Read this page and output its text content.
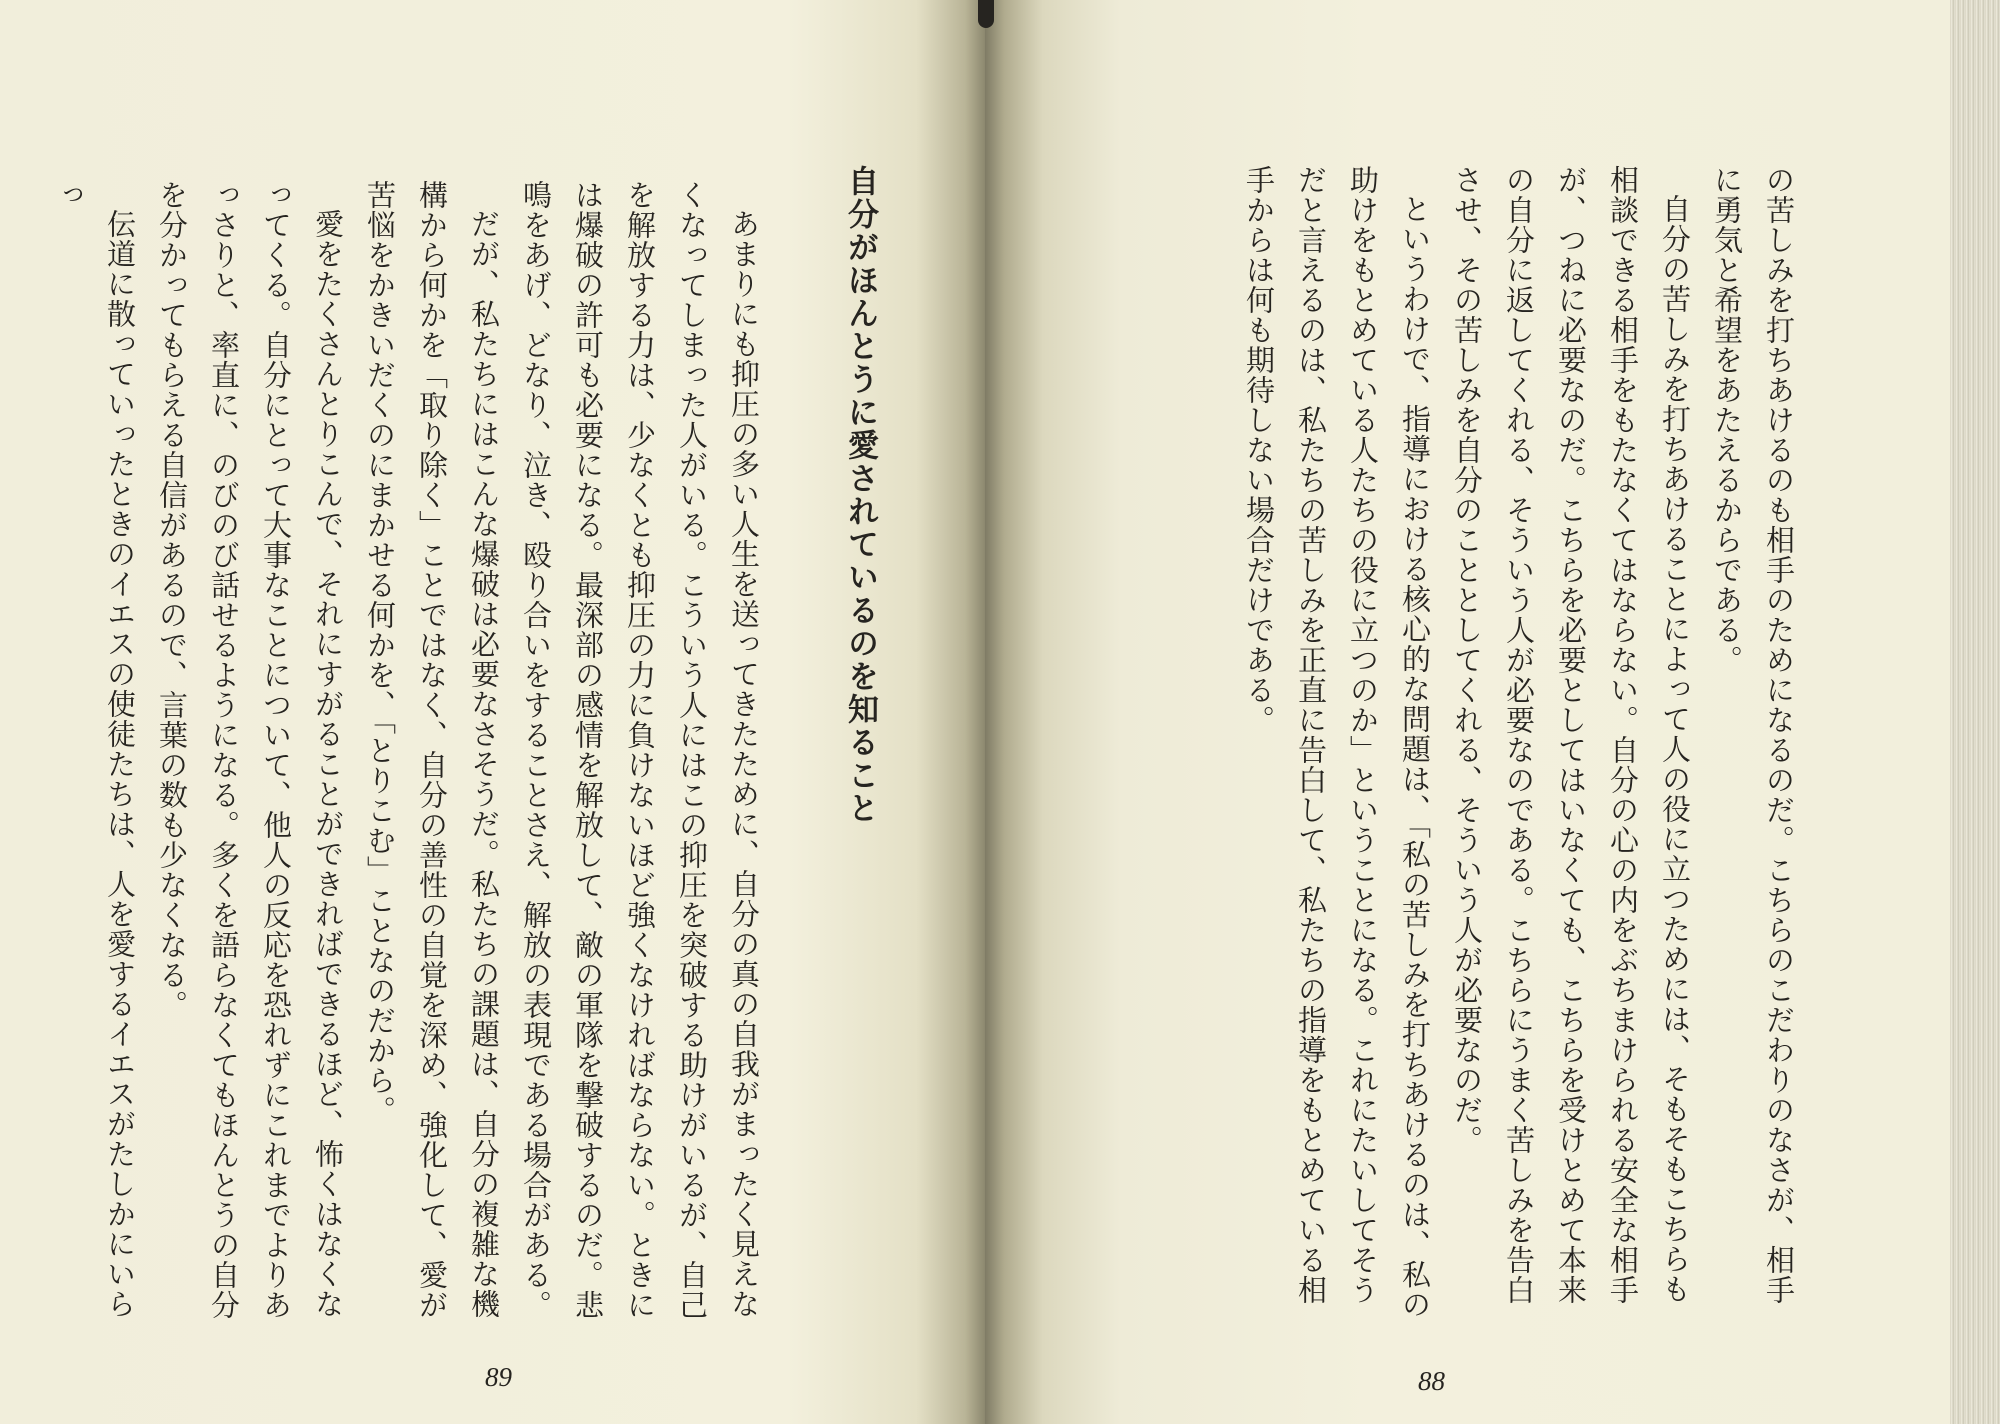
自分がほんとうに愛されているのを知ること

あまりにも抑圧の多い人生を送ってきたために、自分の真の自我がまったく見えなくなってしまった人がいる。こういう人にはこの抑圧を突破する助けがいるが、自己を解放する力は、少なくとも抑圧の力に負けないほど強くなければならない。ときには爆破の許可も必要になる。最深部の感情を解放して、敵の軍隊を撃破するのだ。悲鳴をあげ、どなり、泣き、殴り合いをすることさえ、解放の表現である場合がある。

だが、私たちにはこんな爆破は必要なさそうだ。私たちの課題は、自分の複雑な機構から何かを「取り除く」ことではなく、自分の善性の自覚を深め、強化して、愛が苦悩をかきいだくのにまかせる何かを、「とりこむ」ことなのだから。

愛をたくさんとりこんで、それにすがることができればできるほど、怖くはなくなってくる。自分にとって大事なことについて、他人の反応を恐れずにこれまでよりあっさりと、率直に、のびのび話せるようになる。多くを語らなくてもほんとうの自分を分かってもらえる自信があるので、言葉の数も少なくなる。

伝道に散っていったときのイエスの使徒たちは、人を愛するイエスがたしかにいらっ

89

の苦しみを打ちあけるのも相手のためになるのだ。こちらのこだわりのなさが、相手に勇気と希望をあたえるからである。

自分の苦しみを打ちあけることによって人の役に立つためには、そもそもこちらも相談できる相手をもたなくてはならない。自分の心の内をぶちまけられる安全な相手が、つねに必要なのだ。こちらを必要としてはいなくても、こちらを受けとめて本来の自分に返してくれる、そういう人が必要なのである。こちらにうまく苦しみを告白させ、その苦しみを自分のこととしてくれる、そういう人が必要なのだ。

というわけで、指導における核心的な問題は、「私の苦しみを打ちあけるのは、私の助けをもとめている人たちの役に立つのか」ということになる。これにたいしてそうだと言えるのは、私たちの苦しみを正直に告白して、私たちの指導をもとめている相手からは何も期待しない場合だけである。

88
